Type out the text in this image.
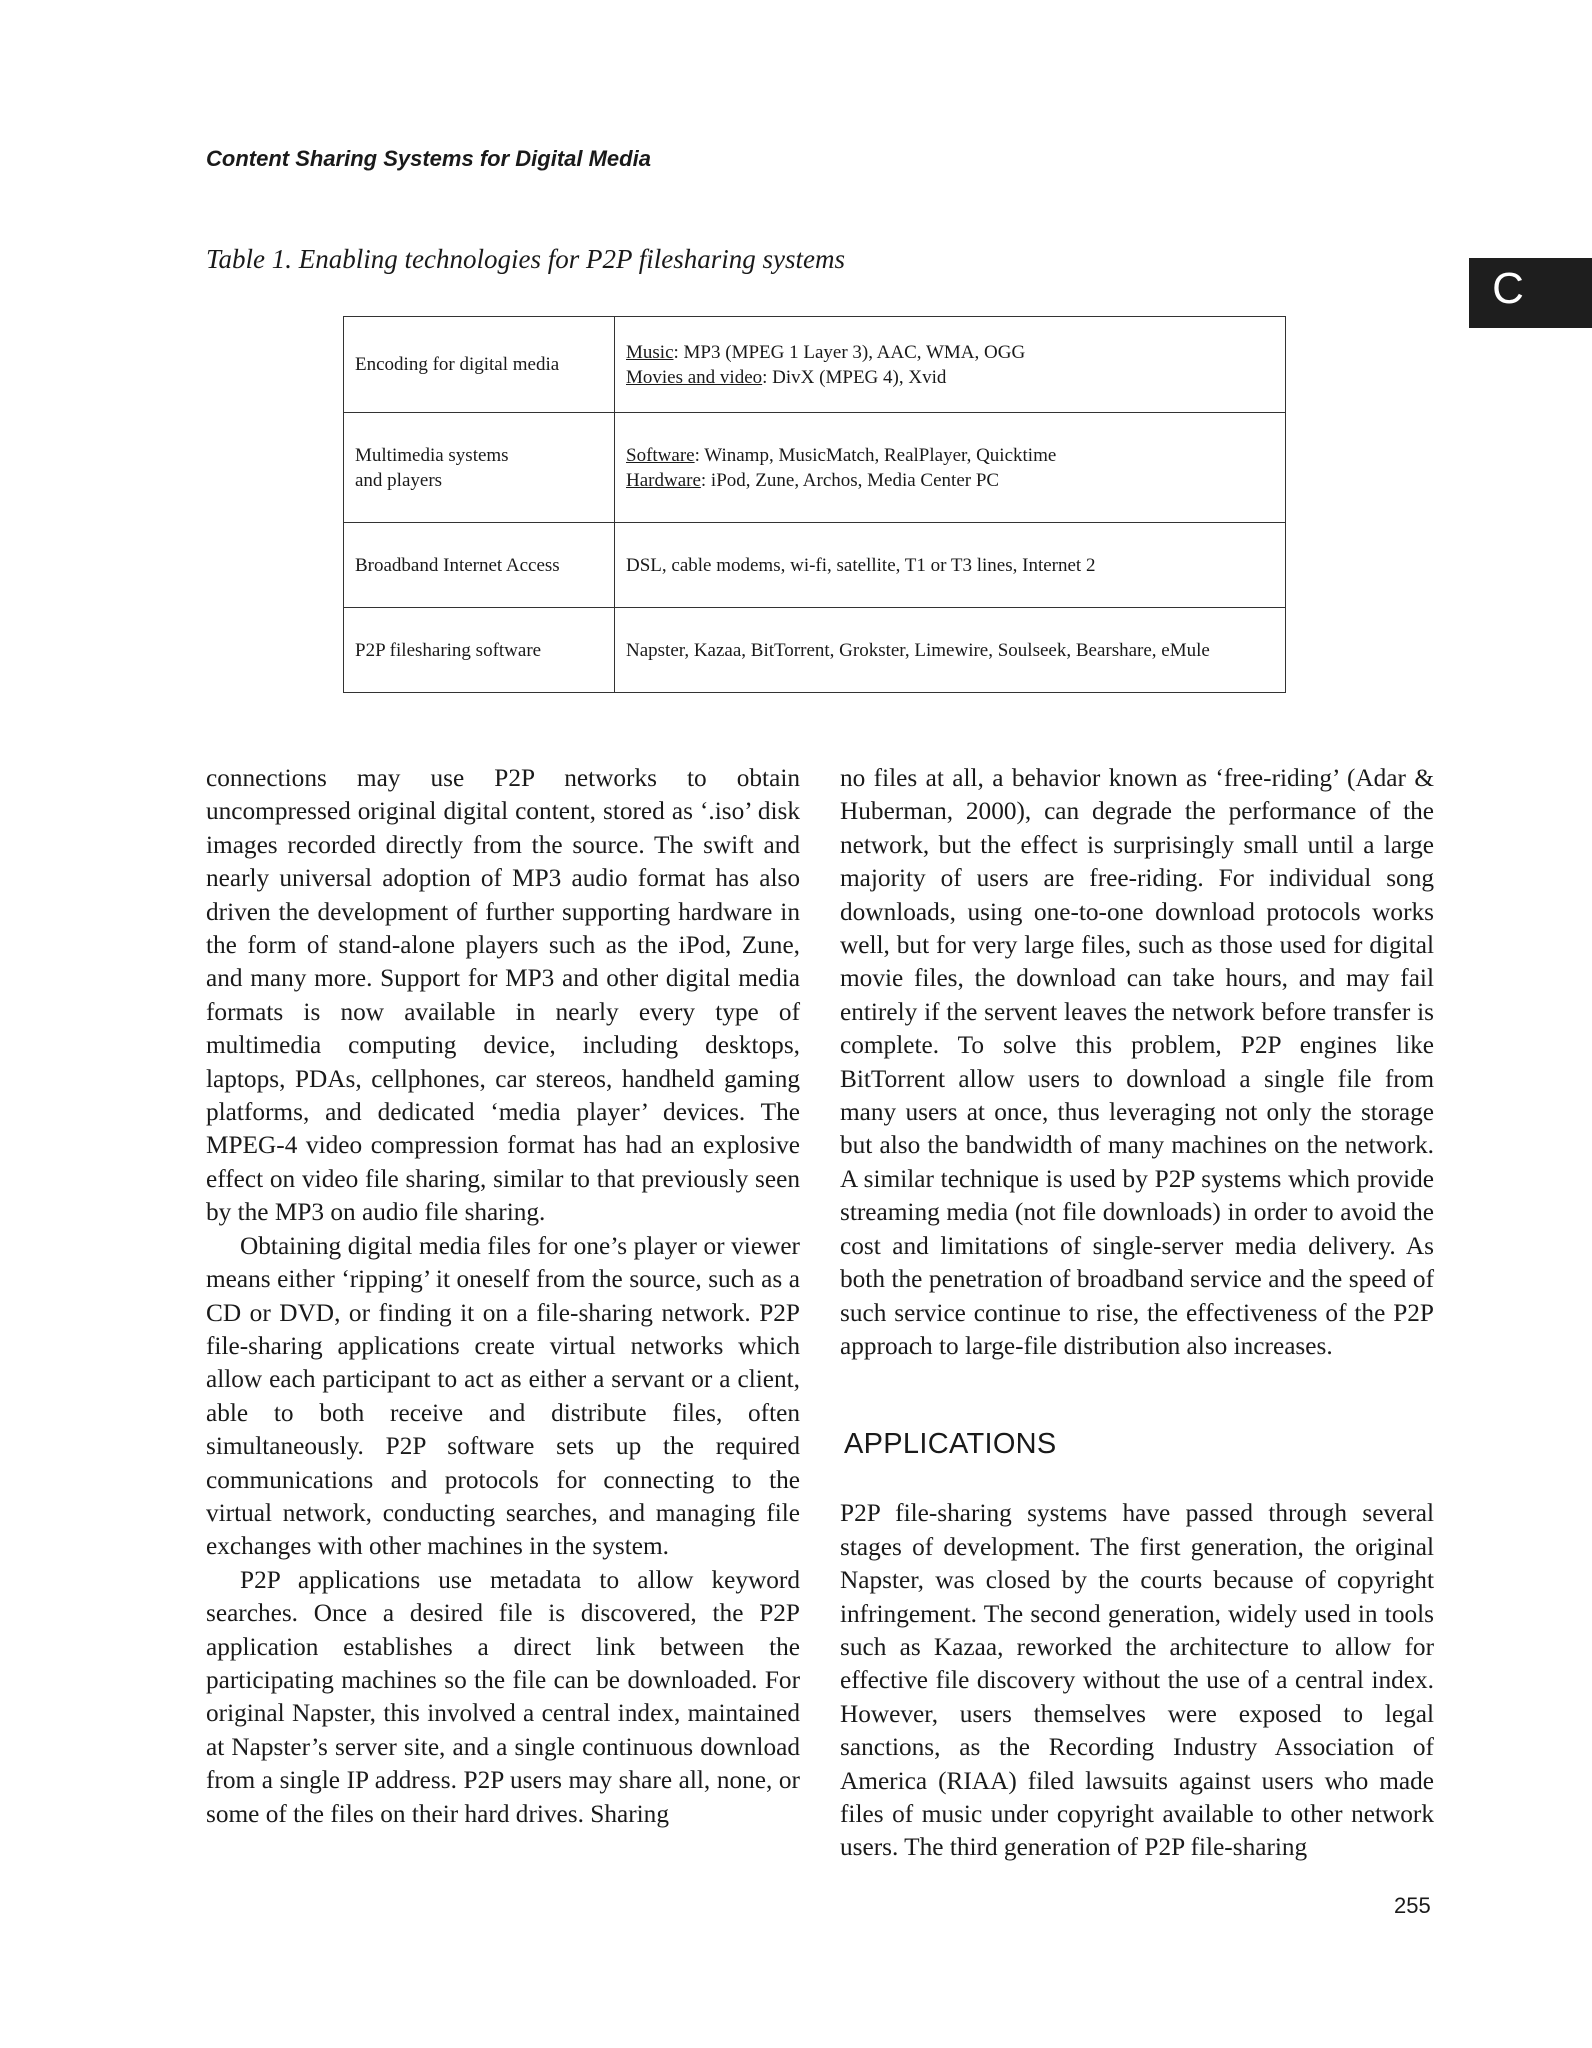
Content Sharing Systems for Digital Media
C
Table 1. Enabling technologies for P2P filesharing systems
Encoding for digital media	Music: MP3 (MPEG 1 Layer 3), AAC, WMA, OGG
Movies and video: DivX (MPEG 4), Xvid
Multimedia systems
and players	Software: Winamp, MusicMatch, RealPlayer, Quicktime
Hardware: iPod, Zune, Archos, Media Center PC
Broadband Internet Access	DSL, cable modems, wi-fi, satellite, T1 or T3 lines, Internet 2
P2P filesharing software	Napster, Kazaa, BitTorrent, Grokster, Limewire, Soulseek, Bearshare, eMule

connections may use P2P networks to obtain uncompressed original digital content, stored as ‘.iso’ disk images recorded directly from the source. The swift and nearly universal adoption of MP3 audio format has also driven the development of further supporting hardware in the form of stand-alone players such as the iPod, Zune, and many more. Support for MP3 and other digital media formats is now available in nearly every type of multimedia computing device, including desktops, laptops, PDAs, cellphones, car stereos, handheld gaming platforms, and dedicated ‘media player’ devices. The MPEG-4 video compression format has had an explosive effect on video file sharing, similar to that previously seen by the MP3 on audio file sharing.

Obtaining digital media files for one’s player or viewer means either ‘ripping’ it oneself from the source, such as a CD or DVD, or finding it on a file-sharing network. P2P file-sharing applications create virtual networks which allow each participant to act as either a servant or a client, able to both receive and distribute files, often simultaneously. P2P software sets up the required communications and protocols for connecting to the virtual network, conducting searches, and managing file exchanges with other machines in the system.

P2P applications use metadata to allow keyword searches. Once a desired file is discovered, the P2P application establishes a direct link between the participating machines so the file can be downloaded. For original Napster, this involved a central index, maintained at Napster’s server site, and a single continuous download from a single IP address. P2P users may share all, none, or some of the files on their hard drives. Sharing

no files at all, a behavior known as ‘free-riding’ (Adar & Huberman, 2000), can degrade the performance of the network, but the effect is surprisingly small until a large majority of users are free-riding. For individual song downloads, using one-to-one download protocols works well, but for very large files, such as those used for digital movie files, the download can take hours, and may fail entirely if the servent leaves the network before transfer is complete. To solve this problem, P2P engines like BitTorrent allow users to download a single file from many users at once, thus leveraging not only the storage but also the bandwidth of many machines on the network. A similar technique is used by P2P systems which provide streaming media (not file downloads) in order to avoid the cost and limitations of single-server media delivery. As both the penetration of broadband service and the speed of such service continue to rise, the effectiveness of the P2P approach to large-file distribution also increases.

APPLICATIONS

P2P file-sharing systems have passed through several stages of development. The first generation, the original Napster, was closed by the courts because of copyright infringement. The second generation, widely used in tools such as Kazaa, reworked the architecture to allow for effective file discovery without the use of a central index. However, users themselves were exposed to legal sanctions, as the Recording Industry Association of America (RIAA) filed lawsuits against users who made files of music under copyright available to other network users. The third generation of P2P file-sharing

255
